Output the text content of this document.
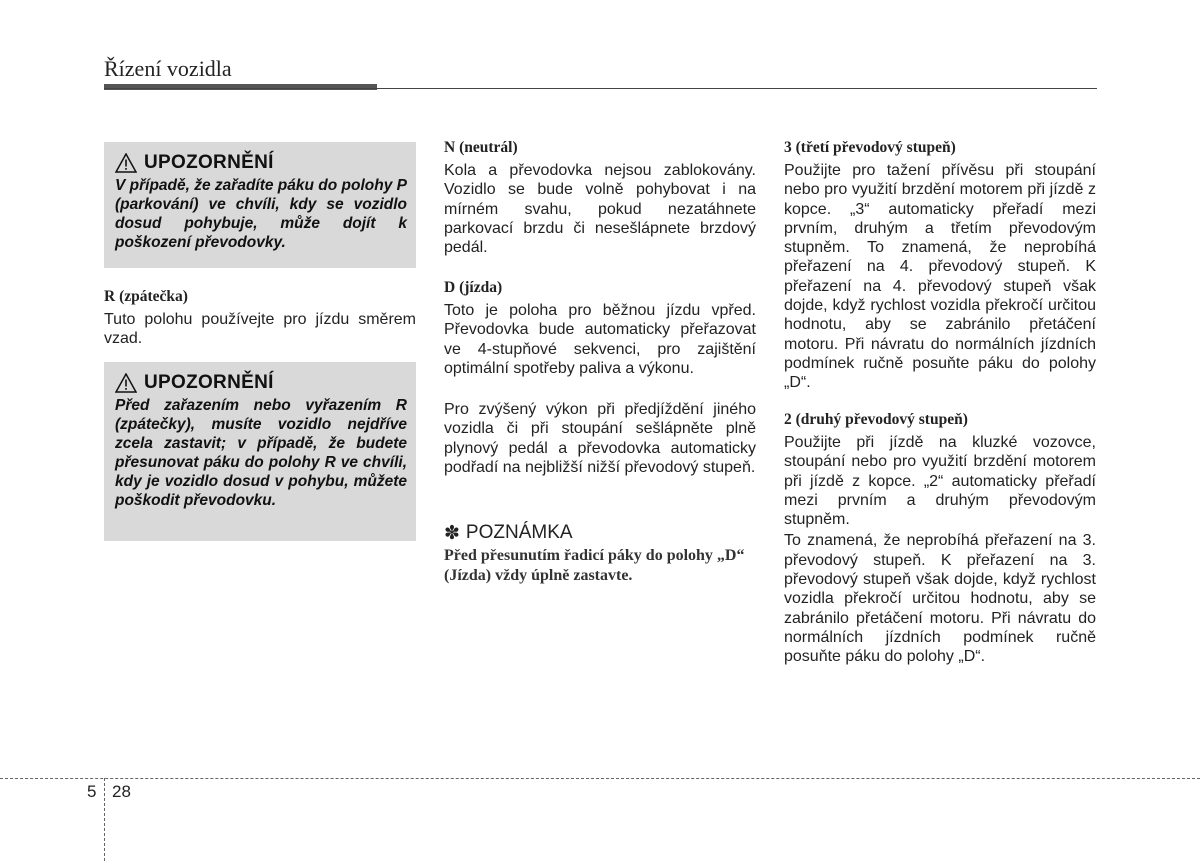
Řízení vozidla
UPOZORNĚNÍ
V případě, že zařadíte páku do polohy P (parkování) ve chvíli, kdy se vozidlo dosud pohybuje, může dojít k poškození převodovky.
R (zpátečka)

Tuto polohu používejte pro jízdu směrem vzad.

UPOZORNĚNÍ
Před zařazením nebo vyřazením R (zpátečky), musíte vozidlo nejdříve zcela zastavit; v případě, že budete přesunovat páku do polohy R ve chvíli, kdy je vozidlo dosud v pohybu, můžete poškodit převodovku.
N (neutrál)

Kola a převodovka nejsou zablokovány. Vozidlo se bude volně pohybovat i na mírném svahu, pokud nezatáhnete parkovací brzdu či nesešlápnete brzdový pedál.

D (jízda)

Toto je poloha pro běžnou jízdu vpřed. Převodovka bude automaticky přeřazovat ve 4-stupňové sekvenci, pro zajištění optimální spotřeby paliva a výkonu.

Pro zvýšený výkon při předjíždění jiného vozidla či při stoupání sešlápněte plně plynový pedál a převodovka automaticky podřadí na nejbližší nižší převodový stupeň.

✽ POZNÁMKA
Před přesunutím řadicí páky do polohy „D“ (Jízda) vždy úplně zastavte.
3 (třetí převodový stupeň)

Použijte pro tažení přívěsu při stoupání nebo pro využití brzdění motorem při jízdě z kopce. „3“ automaticky přeřadí mezi prvním, druhým a třetím převodovým stupněm. To znamená, že neprobíhá přeřazení na 4. převodový stupeň. K přeřazení na 4. převodový stupeň však dojde, když rychlost vozidla překročí určitou hodnotu, aby se zabránilo přetáčení motoru. Při návratu do normálních jízdních podmínek ručně posuňte páku do polohy „D“.

2 (druhý převodový stupeň)

Použijte při jízdě na kluzké vozovce, stoupání nebo pro využití brzdění motorem při jízdě z kopce. „2“ automaticky přeřadí mezi prvním a druhým převodovým stupněm.

To znamená, že neprobíhá přeřazení na 3. převodový stupeň. K přeřazení na 3. převodový stupeň však dojde, když rychlost vozidla překročí určitou hodnotu, aby se zabránilo přetáčení motoru. Při návratu do normálních jízdních podmínek ručně posuňte páku do polohy „D“.

5 28
